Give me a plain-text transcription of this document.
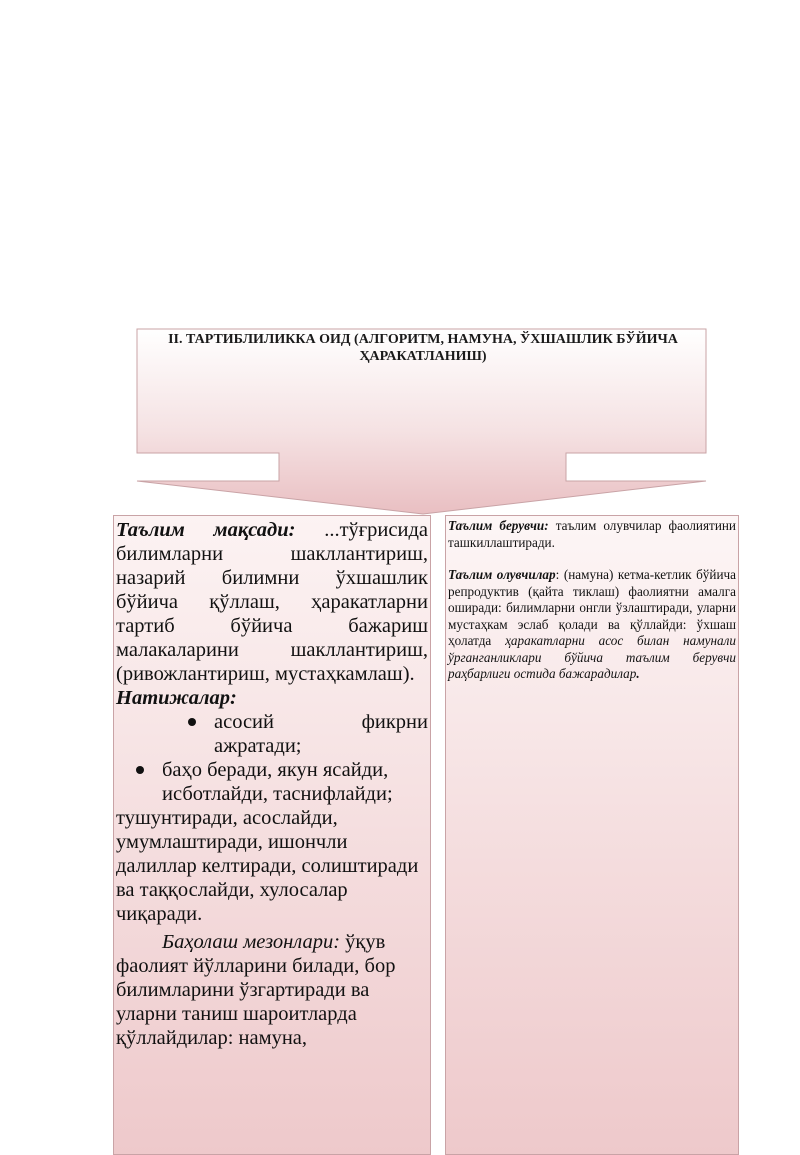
II. ТАРТИБЛИЛИККА ОИД (АЛГОРИТМ, НАМУНА, ЎХШАШЛИК БЎЙИЧА ҲАРАКАТЛАНИШ)

Таълим мақсади: ...тўғрисида билимларни шакллантириш, назарий билимни ўхшашлик бўйича қўллаш, ҳаракатларни тартиб бўйича бажариш малакаларини шакллантириш, (ривожлантириш, мустаҳкамлаш).

Натижалар:

асосий фикрни ажратади;
баҳо беради, якун ясайди,

исботлайди, таснифлайди;

тушунтиради, асослайди, умумлаштиради, ишончли далиллар келтиради, солиштиради ва таққослайди, хулосалар чиқаради.

Баҳолаш мезонлари: ўқув фаолият йўлларини билади, бор билимларини ўзгартиради ва уларни таниш шароитларда қўллайдилар: намуна,

Таълим берувчи: таълим олувчилар фаолиятини ташкиллаштиради.

Таълим олувчилар: (намуна) кетма-кетлик бўйича репродуктив (қайта тиклаш) фаолиятни амалга оширади: билимларни онгли ўзлаштиради, уларни мустаҳкам эслаб қолади ва қўллайди: ўхшаш ҳолатда ҳаракатларни асос билан намунали ўрганганликлари бўйича таълим берувчи раҳбарлиги остида бажарадилар.
